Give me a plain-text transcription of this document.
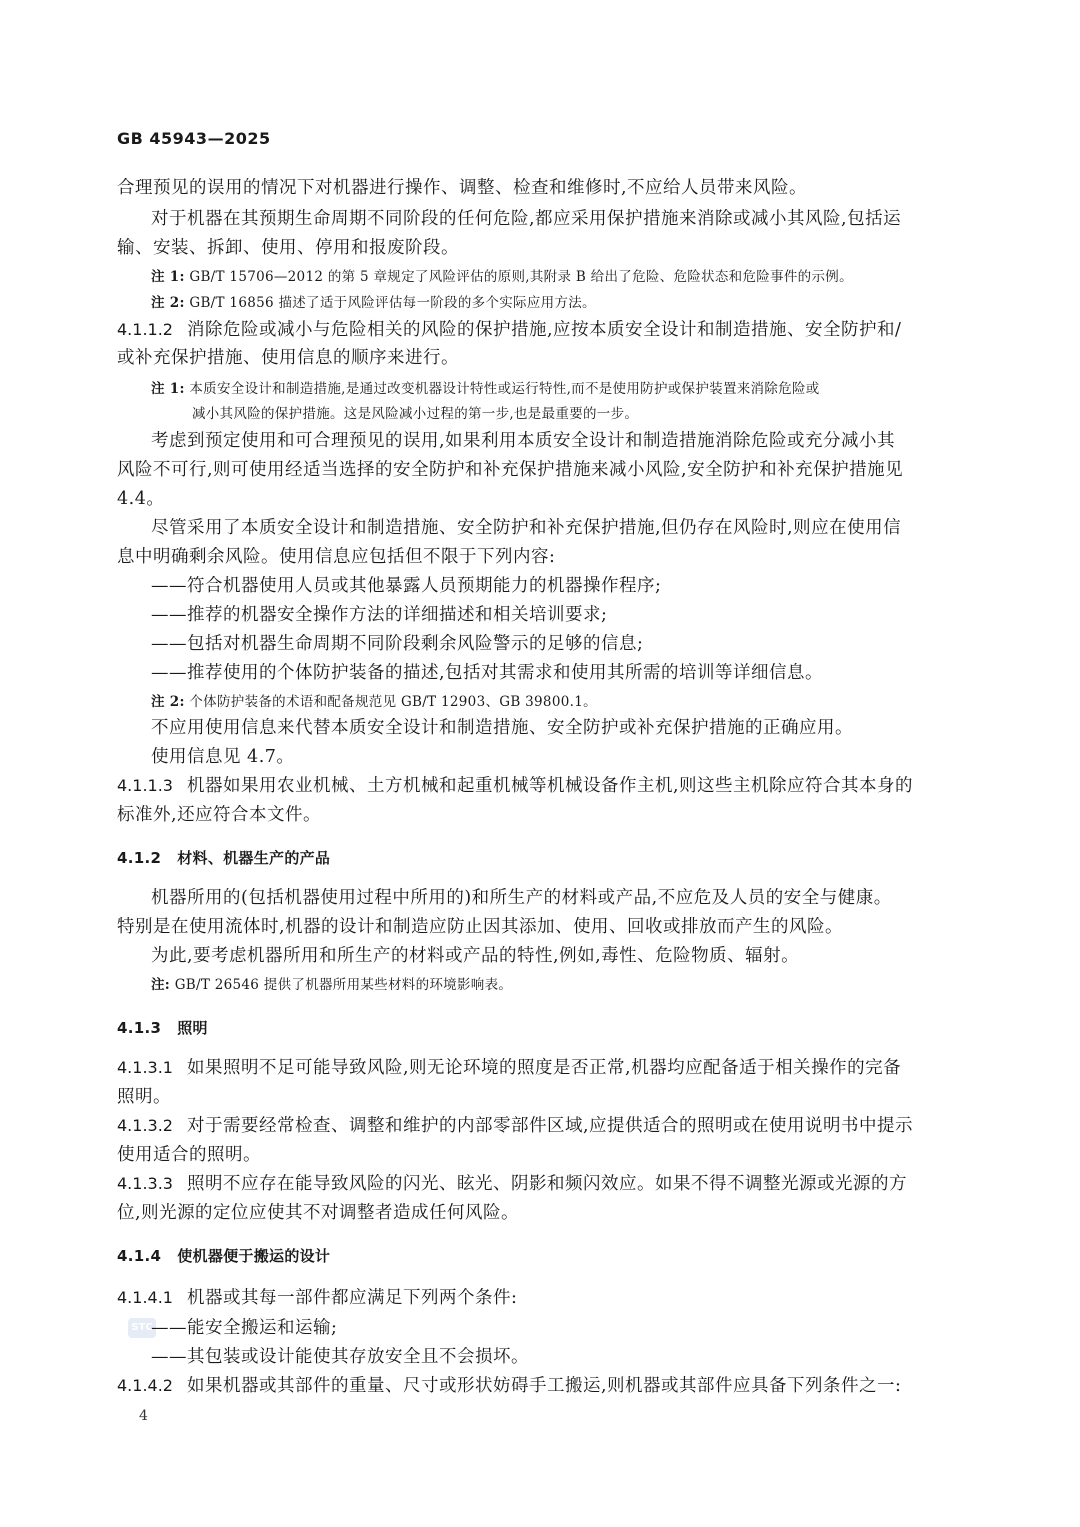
GB 45943—2025
合理预见的误用的情况下对机器进行操作、调整、检查和维修时,不应给人员带来风险。
对于机器在其预期生命周期不同阶段的任何危险,都应采用保护措施来消除或减小其风险,包括运
输、安装、拆卸、使用、停用和报废阶段。
注 1: GB/T 15706—2012 的第 5 章规定了风险评估的原则,其附录 B 给出了危险、危险状态和危险事件的示例。
注 2: GB/T 16856 描述了适于风险评估每一阶段的多个实际应用方法。
4.1.1.2 消除危险或减小与危险相关的风险的保护措施,应按本质安全设计和制造措施、安全防护和/
或补充保护措施、使用信息的顺序来进行。
注 1: 本质安全设计和制造措施,是通过改变机器设计特性或运行特性,而不是使用防护或保护装置来消除危险或
减小其风险的保护措施。这是风险减小过程的第一步,也是最重要的一步。
考虑到预定使用和可合理预见的误用,如果利用本质安全设计和制造措施消除危险或充分减小其
风险不可行,则可使用经适当选择的安全防护和补充保护措施来减小风险,安全防护和补充保护措施见
4.4。
尽管采用了本质安全设计和制造措施、安全防护和补充保护措施,但仍存在风险时,则应在使用信
息中明确剩余风险。使用信息应包括但不限于下列内容:
——符合机器使用人员或其他暴露人员预期能力的机器操作程序;
——推荐的机器安全操作方法的详细描述和相关培训要求;
——包括对机器生命周期不同阶段剩余风险警示的足够的信息;
——推荐使用的个体防护装备的描述,包括对其需求和使用其所需的培训等详细信息。
注 2: 个体防护装备的术语和配备规范见 GB/T 12903、GB 39800.1。
不应用使用信息来代替本质安全设计和制造措施、安全防护或补充保护措施的正确应用。
使用信息见 4.7。
4.1.1.3 机器如果用农业机械、土方机械和起重机械等机械设备作主机,则这些主机除应符合其本身的
标准外,还应符合本文件。
4.1.2 材料、机器生产的产品
机器所用的(包括机器使用过程中所用的)和所生产的材料或产品,不应危及人员的安全与健康。
特别是在使用流体时,机器的设计和制造应防止因其添加、使用、回收或排放而产生的风险。
为此,要考虑机器所用和所生产的材料或产品的特性,例如,毒性、危险物质、辐射。
注: GB/T 26546 提供了机器所用某些材料的环境影响表。
4.1.3 照明
4.1.3.1 如果照明不足可能导致风险,则无论环境的照度是否正常,机器均应配备适于相关操作的完备
照明。
4.1.3.2 对于需要经常检查、调整和维护的内部零部件区域,应提供适合的照明或在使用说明书中提示
使用适合的照明。
4.1.3.3 照明不应存在能导致风险的闪光、眩光、阴影和频闪效应。如果不得不调整光源或光源的方
位,则光源的定位应使其不对调整者造成任何风险。
4.1.4 使机器便于搬运的设计
4.1.4.1 机器或其每一部件都应满足下列两个条件:
STC
——能安全搬运和运输;
——其包装或设计能使其存放安全且不会损坏。
4.1.4.2 如果机器或其部件的重量、尺寸或形状妨碍手工搬运,则机器或其部件应具备下列条件之一:
4
